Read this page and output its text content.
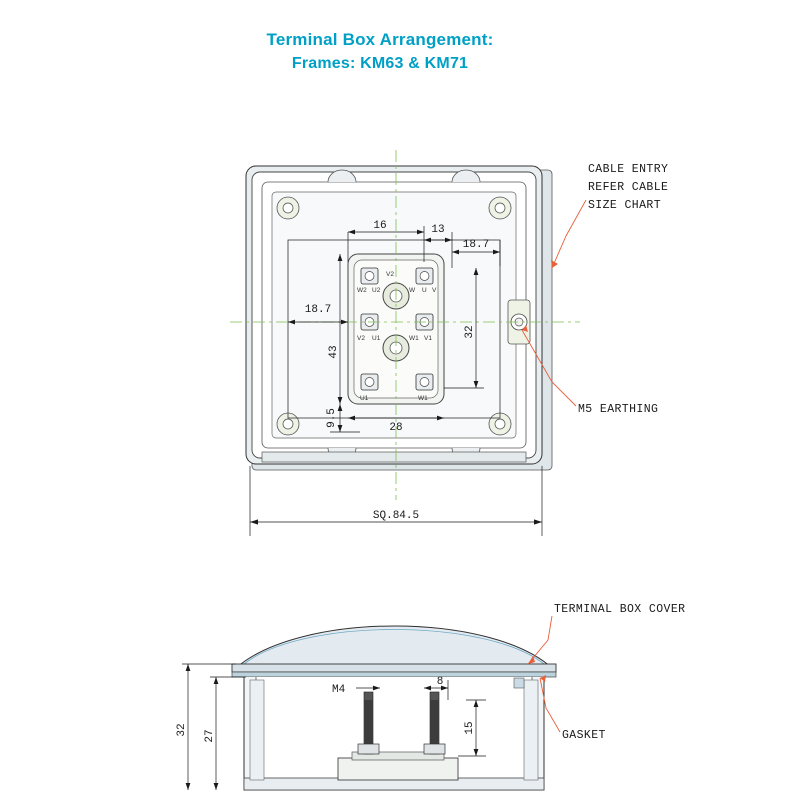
Terminal Box Arrangement:
Frames: KM63 & KM71
W2 U2
V2
W U V
V2 U1	W1 V1
U1	W1
16	13
18.7
18.7
32
43
9.5
28
SQ.84.5
CABLE ENTRY
REFER CABLE
SIZE CHART
M5 EARTHING
32 27
M4
8
15
TERMINAL BOX COVER
GASKET
